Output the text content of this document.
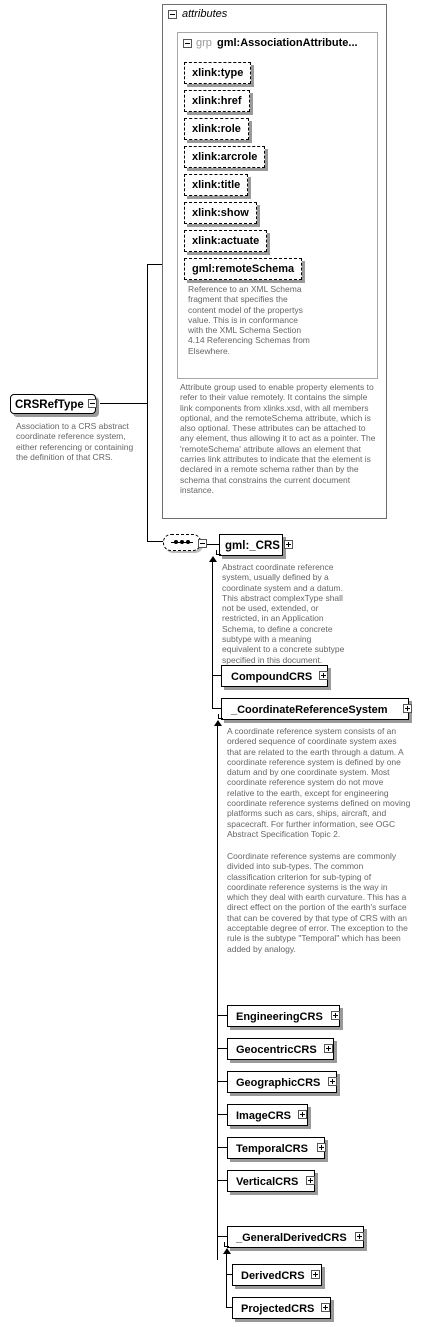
attributes
grp gml:AssociationAttribute...
xlink:type
xlink:href
xlink:role
xlink:arcrole
xlink:title
xlink:show
xlink:actuate
gml:remoteSchema
Reference to an XML Schema fragment that specifies the content model of the propertys value. This is in conformance with the XML Schema Section 4.14 Referencing Schemas from Elsewhere.
Attribute group used to enable property elements to refer to their value remotely. It contains the simple link components from xlinks.xsd, with all members optional, and the remoteSchema attribute, which is also optional. These attributes can be attached to any element, thus allowing it to act as a pointer. The 'remoteSchema' attribute allows an element that carries link attributes to indicate that the element is declared in a remote schema rather than by the schema that constrains the current document instance.
CRSRefType
Association to a CRS abstract coordinate reference system, either referencing or containing the definition of that CRS.
gml:_CRS
Abstract coordinate reference system, usually defined by a coordinate system and a datum. This abstract complexType shall not be used, extended, or restricted, in an Application Schema, to define a concrete subtype with a meaning equivalent to a concrete subtype specified in this document.
CompoundCRS
_CoordinateReferenceSystem
A coordinate reference system consists of an ordered sequence of coordinate system axes that are related to the earth through a datum. A coordinate reference system is defined by one datum and by one coordinate system. Most coordinate reference system do not move relative to the earth, except for engineering coordinate reference systems defined on moving platforms such as cars, ships, aircraft, and spacecraft. For further information, see OGC Abstract Specification Topic 2.
Coordinate reference systems are commonly divided into sub-types. The common classification criterion for sub-typing of coordinate reference systems is the way in which they deal with earth curvature. This has a direct effect on the portion of the earth's surface that can be covered by that type of CRS with an acceptable degree of error. The exception to the rule is the subtype "Temporal" which has been added by analogy.
EngineeringCRS
GeocentricCRS
GeographicCRS
ImageCRS
TemporalCRS
VerticalCRS
_GeneralDerivedCRS
DerivedCRS
ProjectedCRS
